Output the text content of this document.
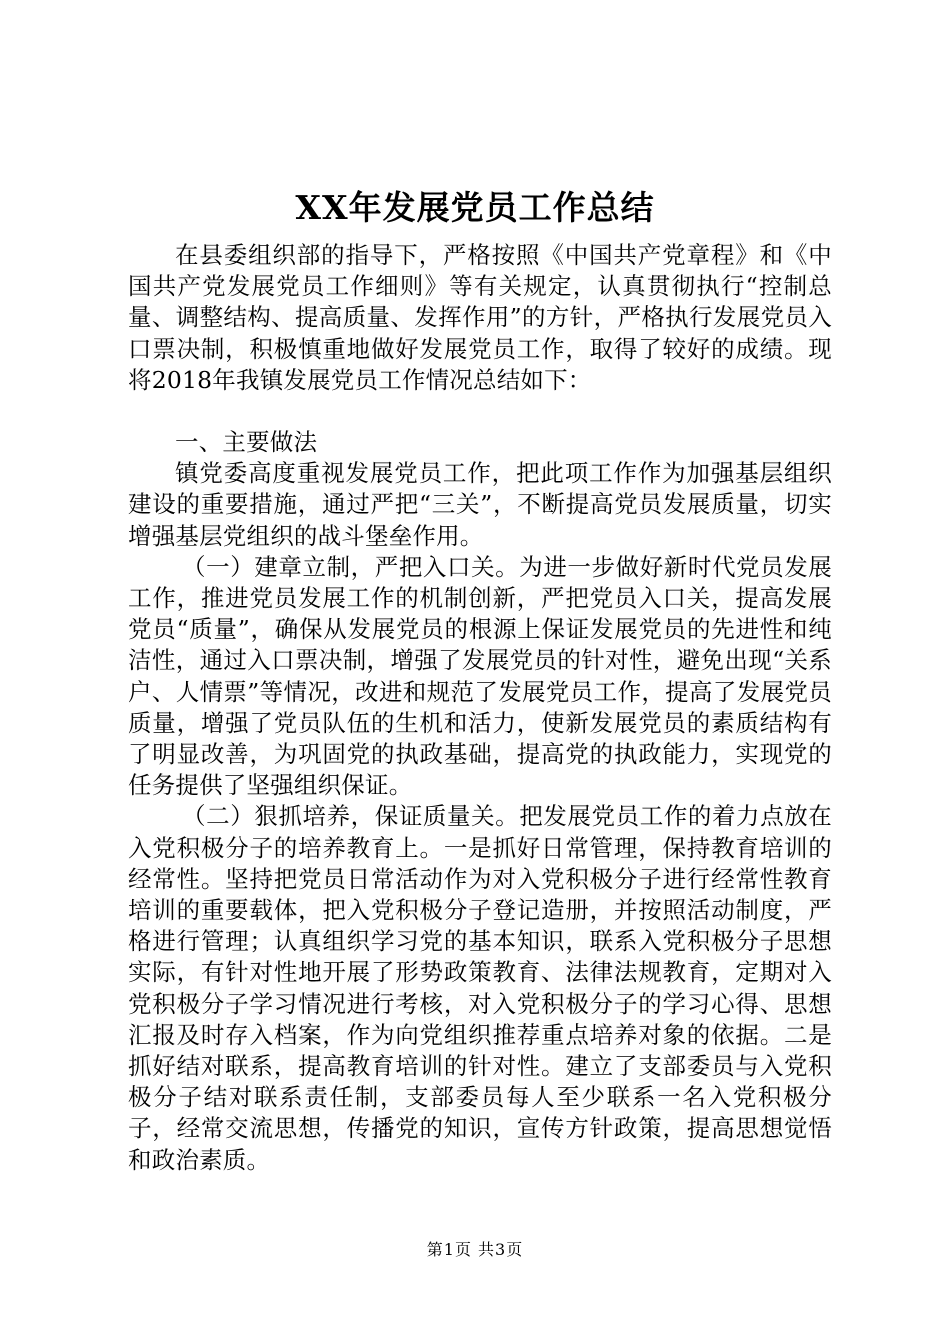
XX年发展党员工作总结

在县委组织部的指导下，严格按照《中国共产党章程》和《中国共产党发展党员工作细则》等有关规定，认真贯彻执行“控制总量、调整结构、提高质量、发挥作用”的方针，严格执行发展党员入口票决制，积极慎重地做好发展党员工作，取得了较好的成绩。现将2018年我镇发展党员工作情况总结如下：

一、主要做法

镇党委高度重视发展党员工作，把此项工作作为加强基层组织建设的重要措施，通过严把“三关”，不断提高党员发展质量，切实增强基层党组织的战斗堡垒作用。

（一）建章立制，严把入口关。为进一步做好新时代党员发展工作，推进党员发展工作的机制创新，严把党员入口关，提高发展党员“质量”，确保从发展党员的根源上保证发展党员的先进性和纯洁性，通过入口票决制，增强了发展党员的针对性，避免出现“关系户、人情票”等情况，改进和规范了发展党员工作，提高了发展党员质量，增强了党员队伍的生机和活力，使新发展党员的素质结构有了明显改善，为巩固党的执政基础，提高党的执政能力，实现党的任务提供了坚强组织保证。

（二）狠抓培养，保证质量关。把发展党员工作的着力点放在入党积极分子的培养教育上。一是抓好日常管理，保持教育培训的经常性。坚持把党员日常活动作为对入党积极分子进行经常性教育培训的重要载体，把入党积极分子登记造册，并按照活动制度，严格进行管理；认真组织学习党的基本知识，联系入党积极分子思想实际，有针对性地开展了形势政策教育、法律法规教育，定期对入党积极分子学习情况进行考核，对入党积极分子的学习心得、思想汇报及时存入档案，作为向党组织推荐重点培养对象的依据。二是抓好结对联系，提高教育培训的针对性。建立了支部委员与入党积极分子结对联系责任制，支部委员每人至少联系一名入党积极分子，经常交流思想，传播党的知识，宣传方针政策，提高思想觉悟和政治素质。

第1页 共3页
